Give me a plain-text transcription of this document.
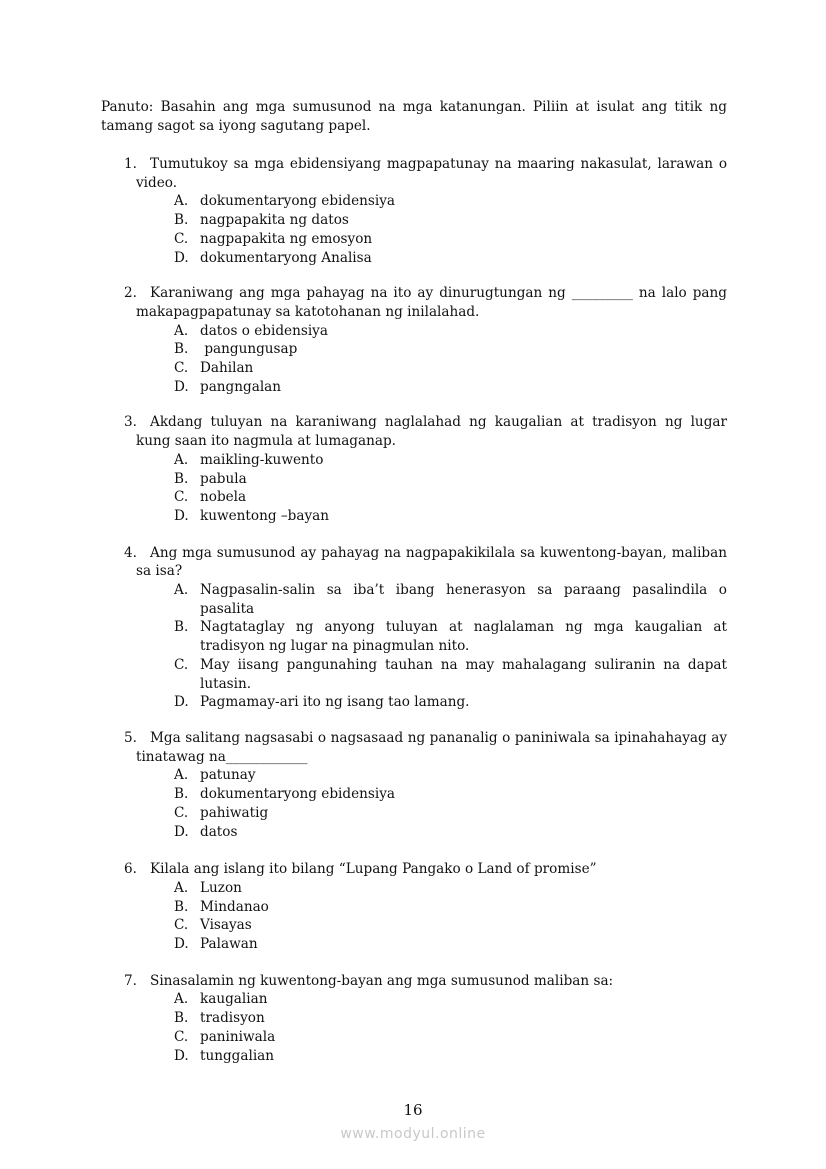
Panuto: Basahin ang mga sumusunod na mga katanungan. Piliin at isulat ang titik ng tamang sagot sa iyong sagutang papel.
1. Tumutukoy sa mga ebidensiyang magpapatunay na maaring nakasulat, larawan o video.
A. dokumentaryong ebidensiya
B. nagpapakita ng datos
C. nagpapakita ng emosyon
D. dokumentaryong Analisa
2. Karaniwang ang mga pahayag na ito ay dinurugtungan ng _________ na lalo pang makapagpapatunay sa katotohanan ng inilalahad.
A. datos o ebidensiya
B. pangungusap
C. Dahilan
D. pangngalan
3. Akdang tuluyan na karaniwang naglalahad ng kaugalian at tradisyon ng lugar kung saan ito nagmula at lumaganap.
A. maikling-kuwento
B. pabula
C. nobela
D. kuwentong –bayan
4. Ang mga sumusunod ay pahayag na nagpapakikilala sa kuwentong-bayan, maliban sa isa?
A. Nagpasalin-salin sa iba’t ibang henerasyon sa paraang pasalindila o pasalita
B. Nagtataglay ng anyong tuluyan at naglalaman ng mga kaugalian at tradisyon ng lugar na pinagmulan nito.
C. May iisang pangunahing tauhan na may mahalagang suliranin na dapat lutasin.
D. Pagmamay-ari ito ng isang tao lamang.
5. Mga salitang nagsasabi o nagsasaad ng pananalig o paniniwala sa ipinahahayag ay tinatawag na____________
A. patunay
B. dokumentaryong ebidensiya
C. pahiwatig
D. datos
6. Kilala ang islang ito bilang “Lupang Pangako o Land of promise”
A. Luzon
B. Mindanao
C. Visayas
D. Palawan
7. Sinasalamin ng kuwentong-bayan ang mga sumusunod maliban sa:
A. kaugalian
B. tradisyon
C. paniniwala
D. tunggalian
16
www.modyul.online
